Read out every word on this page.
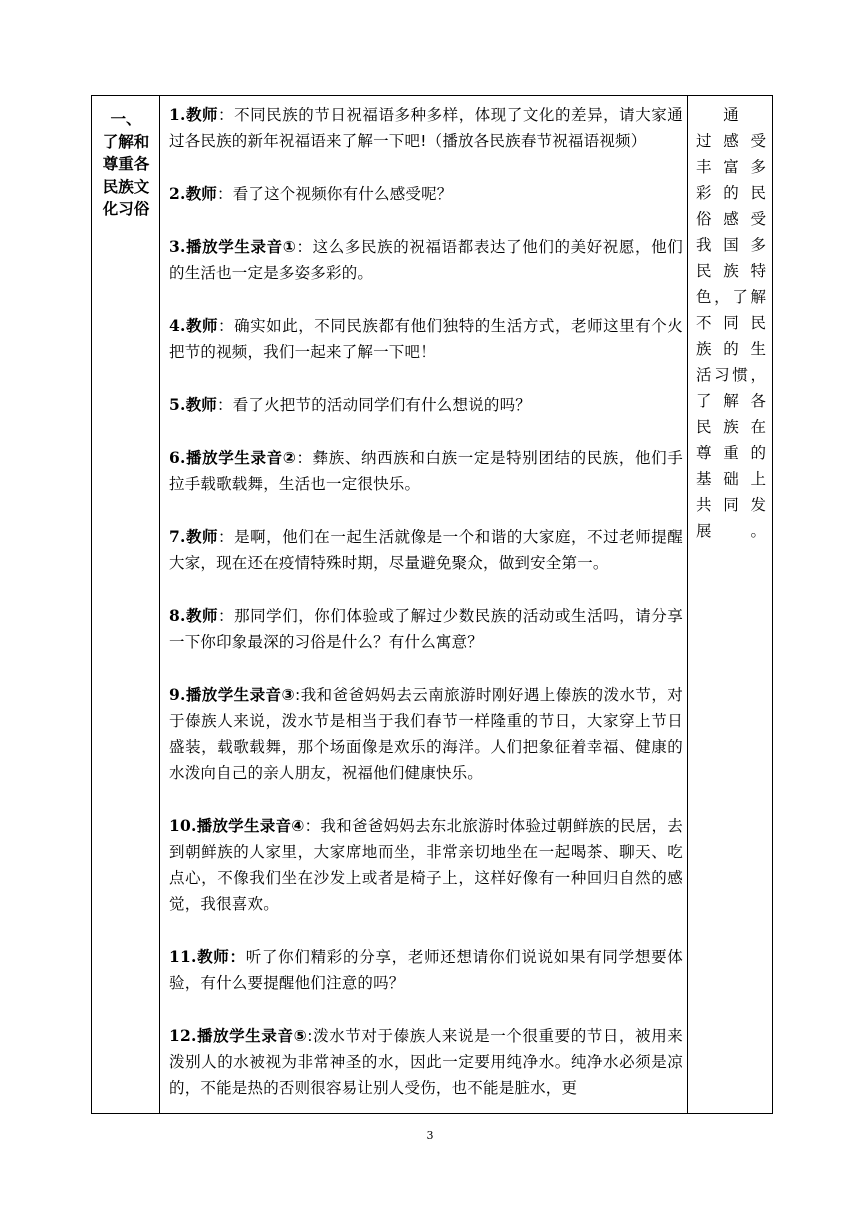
一、
了解和
尊重各
民族文
化习俗

1.教师：不同民族的节日祝福语多种多样，体现了文化的差异，请大家通过各民族的新年祝福语来了解一下吧!（播放各民族春节祝福语视频）

2.教师：看了这个视频你有什么感受呢？

3.播放学生录音①：这么多民族的祝福语都表达了他们的美好祝愿，他们的生活也一定是多姿多彩的。

4.教师：确实如此，不同民族都有他们独特的生活方式，老师这里有个火把节的视频，我们一起来了解一下吧！

5.教师：看了火把节的活动同学们有什么想说的吗？

6.播放学生录音②：彝族、纳西族和白族一定是特别团结的民族，他们手拉手载歌载舞，生活也一定很快乐。

7.教师：是啊，他们在一起生活就像是一个和谐的大家庭，不过老师提醒大家，现在还在疫情特殊时期，尽量避免聚众，做到安全第一。

8.教师：那同学们，你们体验或了解过少数民族的活动或生活吗，请分享一下你印象最深的习俗是什么？有什么寓意？

9.播放学生录音③:我和爸爸妈妈去云南旅游时刚好遇上傣族的泼水节，对于傣族人来说，泼水节是相当于我们春节一样隆重的节日，大家穿上节日盛装，载歌载舞，那个场面像是欢乐的海洋。人们把象征着幸福、健康的水泼向自己的亲人朋友，祝福他们健康快乐。

10.播放学生录音④：我和爸爸妈妈去东北旅游时体验过朝鲜族的民居，去到朝鲜族的人家里，大家席地而坐，非常亲切地坐在一起喝茶、聊天、吃点心，不像我们坐在沙发上或者是椅子上，这样好像有一种回归自然的感觉，我很喜欢。

11.教师：听了你们精彩的分享，老师还想请你们说说如果有同学想要体验，有什么要提醒他们注意的吗？

12.播放学生录音⑤:泼水节对于傣族人来说是一个很重要的节日，被用来泼别人的水被视为非常神圣的水，因此一定要用纯净水。纯净水必须是凉的，不能是热的否则很容易让别人受伤，也不能是脏水，更

通
过 感 受
丰 富 多
彩 的 民
俗 感 受
我 国 多
民 族 特
色 ， 了 解
不 同 民
族 的 生
活 习 惯 ，
了 解 各
民 族 在
尊 重 的
基 础 上
共 同 发
展	。
3
